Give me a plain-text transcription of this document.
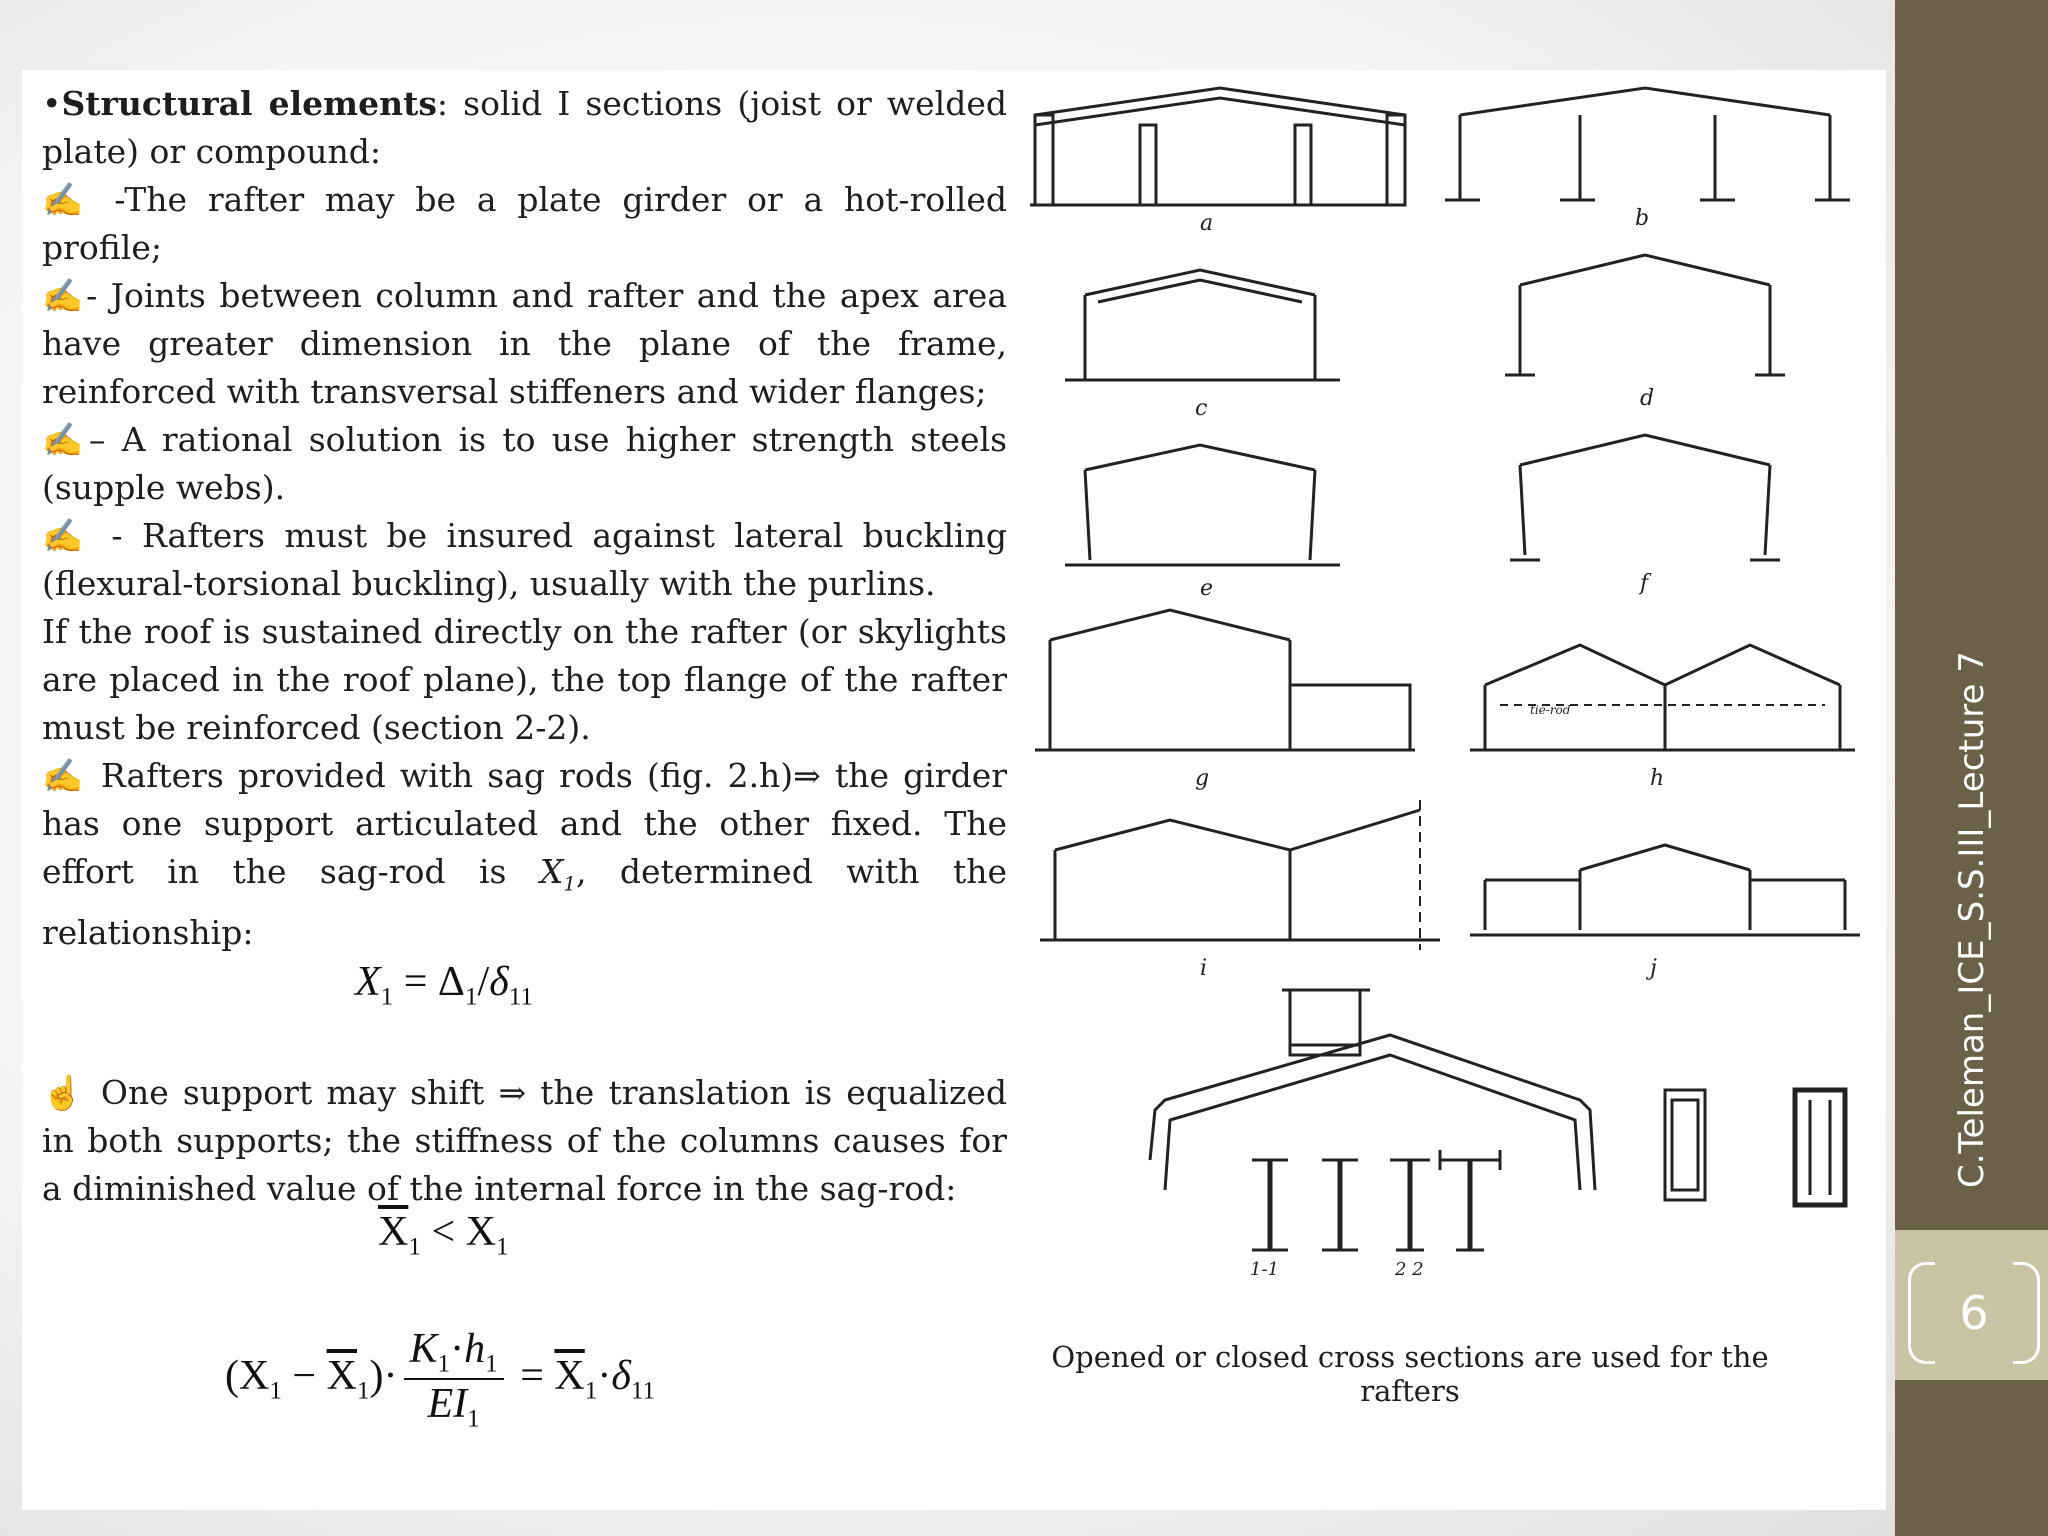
C.Teleman_ICE_S.S.III_Lecture 7
6

•Structural elements: solid I sections (joist or welded plate) or compound:

✍ -The rafter may be a plate girder or a hot-rolled profile;

✍- Joints between column and rafter and the apex area have greater dimension in the plane of the frame, reinforced with transversal stiffeners and wider flanges;

✍– A rational solution is to use higher strength steels (supple webs).

✍ - Rafters must be insured against lateral buckling (flexural-torsional buckling), usually with the purlins.

If the roof is sustained directly on the rafter (or skylights are placed in the roof plane), the top flange of the rafter must be reinforced (section 2-2).

✍ Rafters provided with sag rods (fig. 2.h)⇒ the girder has one support articulated and the other fixed. The effort in the sag-rod is $X_1$, determined with the relationship:

$X_1 = \Delta_1/\delta_{11}$

☝ One support may shift ⇒ the translation is equalized in both supports; the stiffness of the columns causes for a diminished value of the internal force in the sag-rod:

$\overline{X}_1 < X_1$
$(X_1 - \overline{X}_1)\cdot \frac{K_1\cdot h_1}{EI_1} = \overline{X}_1\cdot\delta_{11}$
Opened or closed cross sections are used for the rafters
a	b
c	d
e	f
g
tie-rod
h
i	j
1-1	2 2
